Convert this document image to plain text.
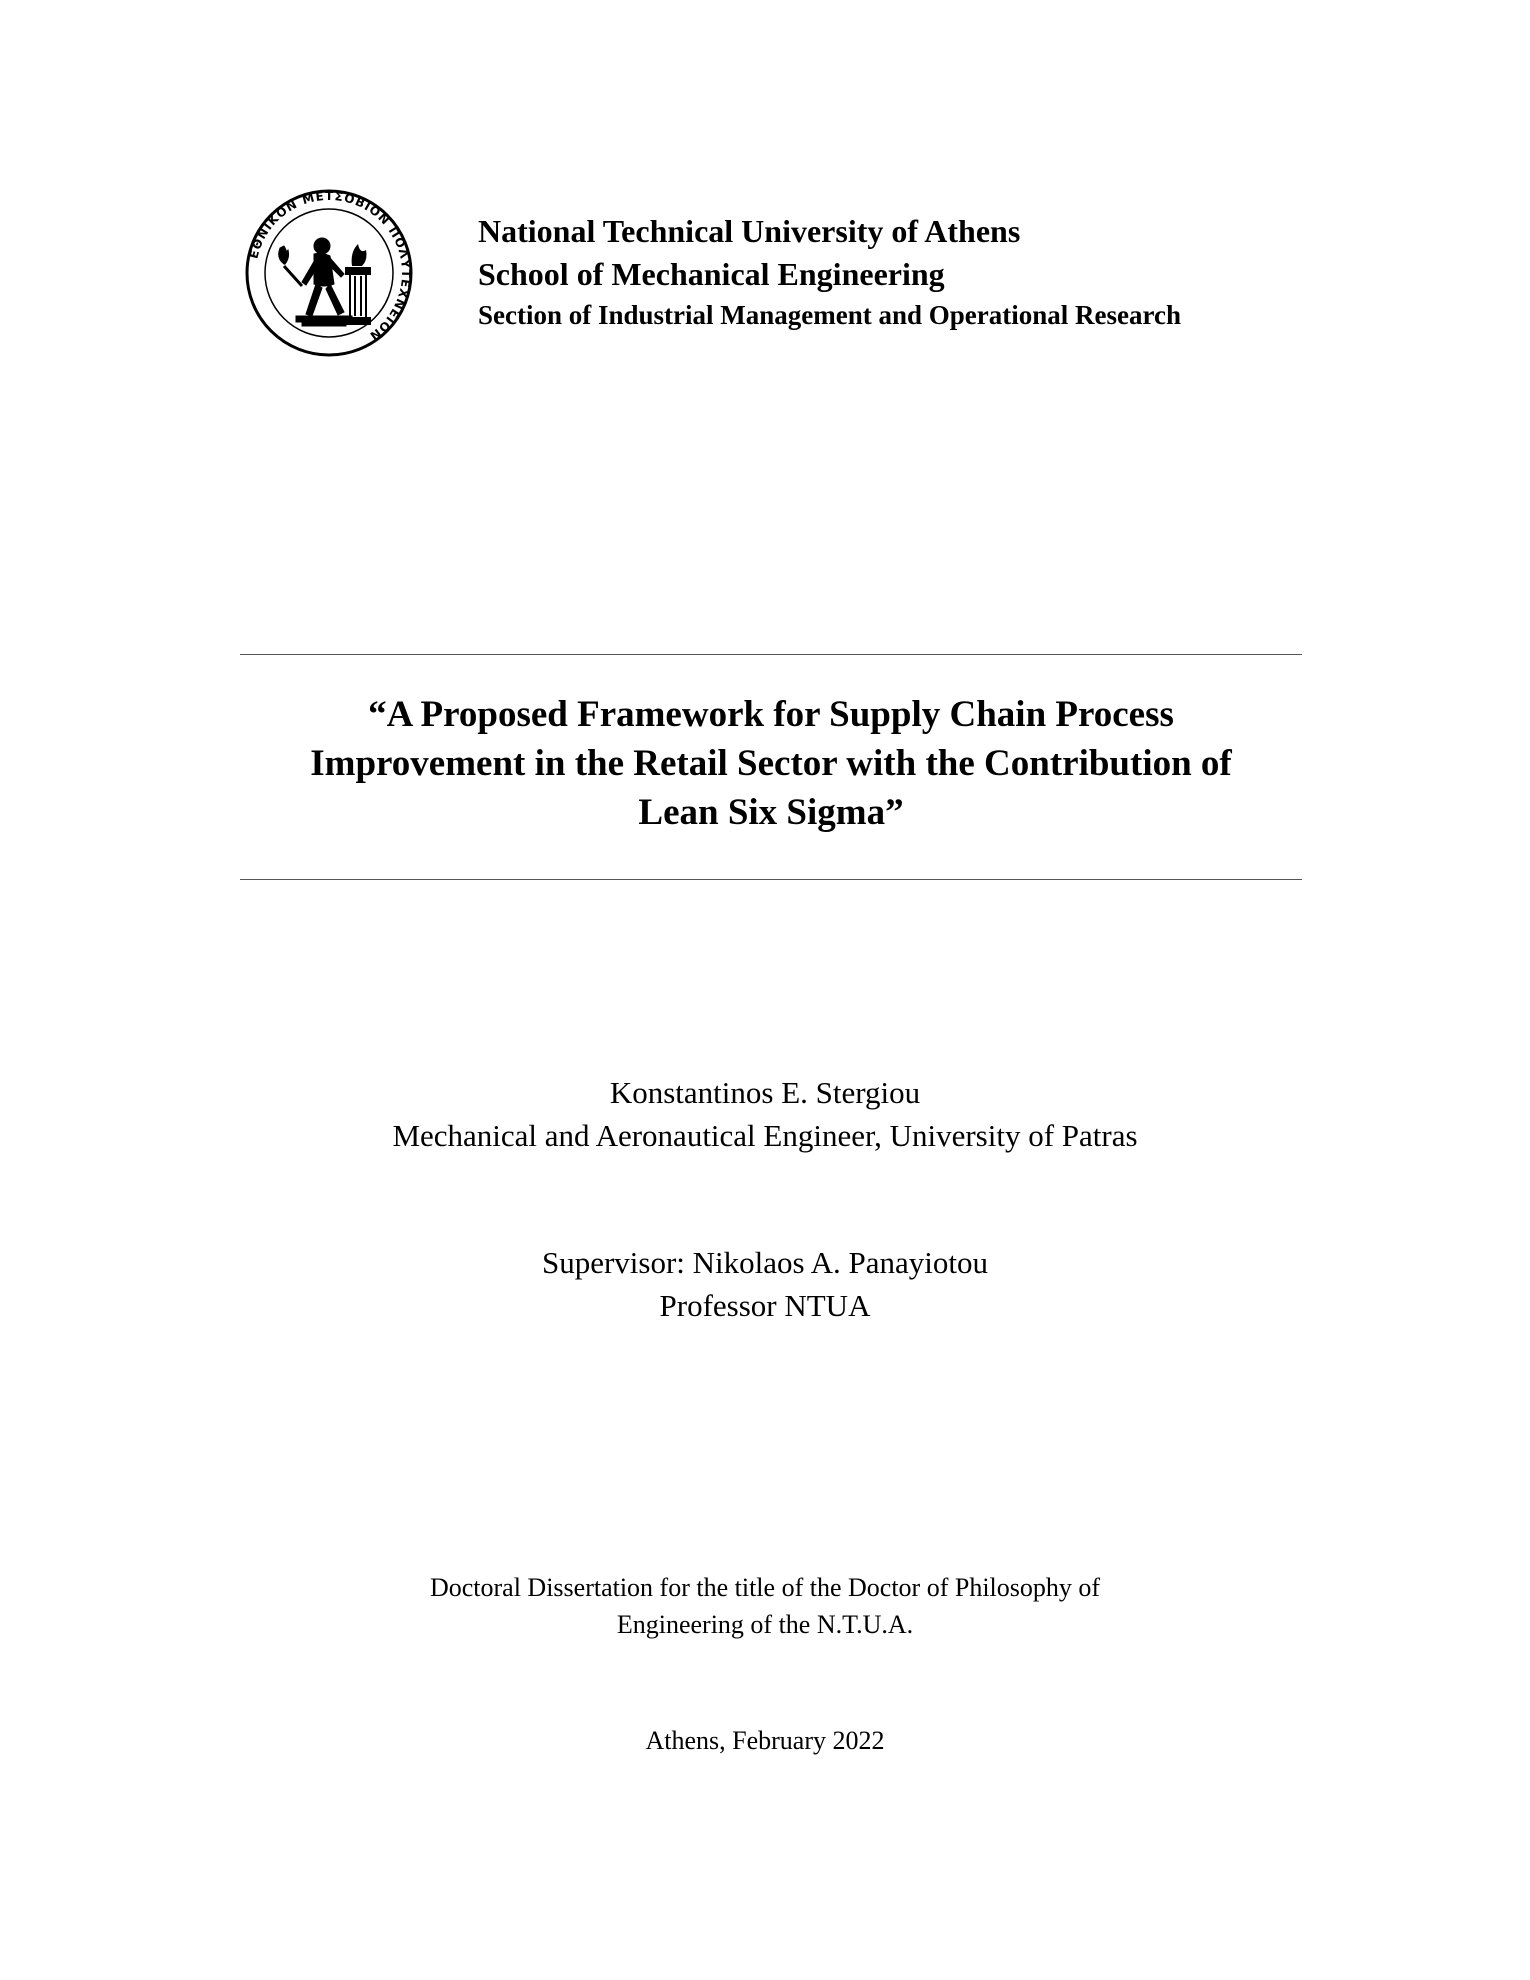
ΕΘΝΙΚΟΝ ΜΕΤΣΟΒΙΟΝ ΠΟΛΥΤΕΧΝΕΙΟΝ
National Technical University of Athens
School of Mechanical Engineering
Section of Industrial Management and Operational Research
“A Proposed Framework for Supply Chain Process
Improvement in the Retail Sector with the Contribution of
Lean Six Sigma”
Konstantinos E. Stergiou
Mechanical and Aeronautical Engineer, University of Patras
Supervisor: Nikolaos A. Panayiotou
Professor NTUA
Doctoral Dissertation for the title of the Doctor of Philosophy of
Engineering of the N.T.U.A.
Athens, February 2022
